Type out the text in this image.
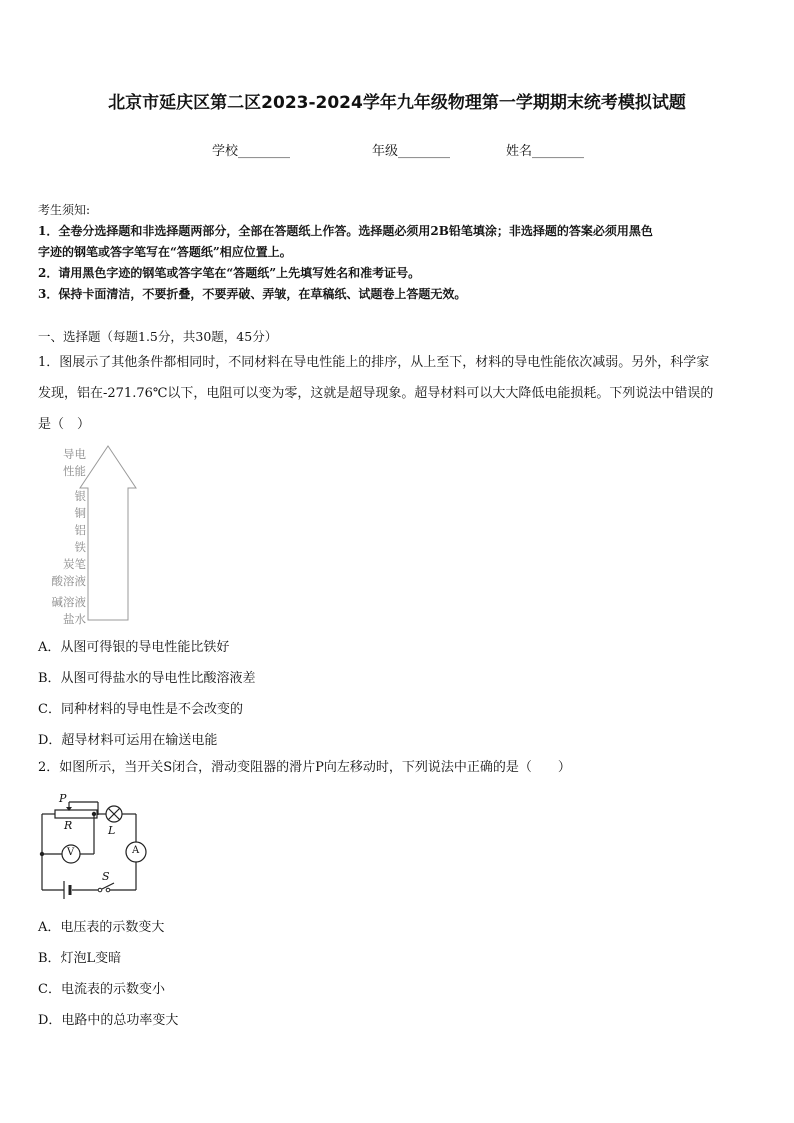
北京市延庆区第二区2023-2024学年九年级物理第一学期期末统考模拟试题
学校________	年级________	姓名________
考生须知:
1．全卷分选择题和非选择题两部分，全部在答题纸上作答。选择题必须用2B铅笔填涂；非选择题的答案必须用黑色
字迹的钢笔或答字笔写在“答题纸”相应位置上。
2．请用黑色字迹的钢笔或答字笔在“答题纸”上先填写姓名和准考证号。
3．保持卡面清洁，不要折叠，不要弄破、弄皱，在草稿纸、试题卷上答题无效。
一、选择题（每题1.5分，共30题，45分）
1．图展示了其他条件都相同时，不同材料在导电性能上的排序，从上至下，材料的导电性能依次减弱。另外，科学家
发现，铝在-271.76℃以下，电阻可以变为零，这就是超导现象。超导材料可以大大降低电能损耗。下列说法中错误的
是（　）
导电
性能
银
铜
铝
铁
炭笔
酸溶液
碱溶液
盐水
A．从图可得银的导电性能比铁好
B．从图可得盐水的导电性比酸溶液差
C．同种材料的导电性是不会改变的
D．超导材料可运用在输送电能
2．如图所示，当开关S闭合，滑动变阻器的滑片P向左移动时，下列说法中正确的是（　　）
P
R	L
V	A
S
A．电压表的示数变大
B．灯泡L变暗
C．电流表的示数变小
D．电路中的总功率变大
